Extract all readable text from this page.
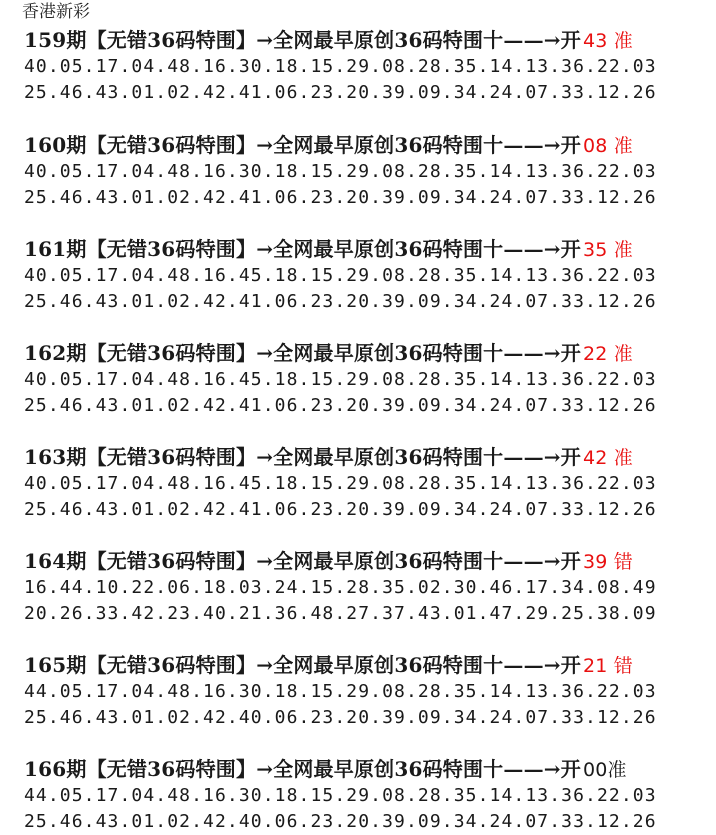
香港新彩
159期【无错36码特围】→全网最早原创36码特围十——→开 43 准
40.05.17.04.48.16.30.18.15.29.08.28.35.14.13.36.22.03
25.46.43.01.02.42.41.06.23.20.39.09.34.24.07.33.12.26
160期【无错36码特围】→全网最早原创36码特围十——→开 08 准
40.05.17.04.48.16.30.18.15.29.08.28.35.14.13.36.22.03
25.46.43.01.02.42.41.06.23.20.39.09.34.24.07.33.12.26
161期【无错36码特围】→全网最早原创36码特围十——→开 35 准
40.05.17.04.48.16.45.18.15.29.08.28.35.14.13.36.22.03
25.46.43.01.02.42.41.06.23.20.39.09.34.24.07.33.12.26
162期【无错36码特围】→全网最早原创36码特围十——→开 22 准
40.05.17.04.48.16.45.18.15.29.08.28.35.14.13.36.22.03
25.46.43.01.02.42.41.06.23.20.39.09.34.24.07.33.12.26
163期【无错36码特围】→全网最早原创36码特围十——→开 42 准
40.05.17.04.48.16.45.18.15.29.08.28.35.14.13.36.22.03
25.46.43.01.02.42.41.06.23.20.39.09.34.24.07.33.12.26
164期【无错36码特围】→全网最早原创36码特围十——→开 39 错
16.44.10.22.06.18.03.24.15.28.35.02.30.46.17.34.08.49
20.26.33.42.23.40.21.36.48.27.37.43.01.47.29.25.38.09
165期【无错36码特围】→全网最早原创36码特围十——→开 21 错
44.05.17.04.48.16.30.18.15.29.08.28.35.14.13.36.22.03
25.46.43.01.02.42.40.06.23.20.39.09.34.24.07.33.12.26
166期【无错36码特围】→全网最早原创36码特围十——→开 00准
44.05.17.04.48.16.30.18.15.29.08.28.35.14.13.36.22.03
25.46.43.01.02.42.40.06.23.20.39.09.34.24.07.33.12.26
